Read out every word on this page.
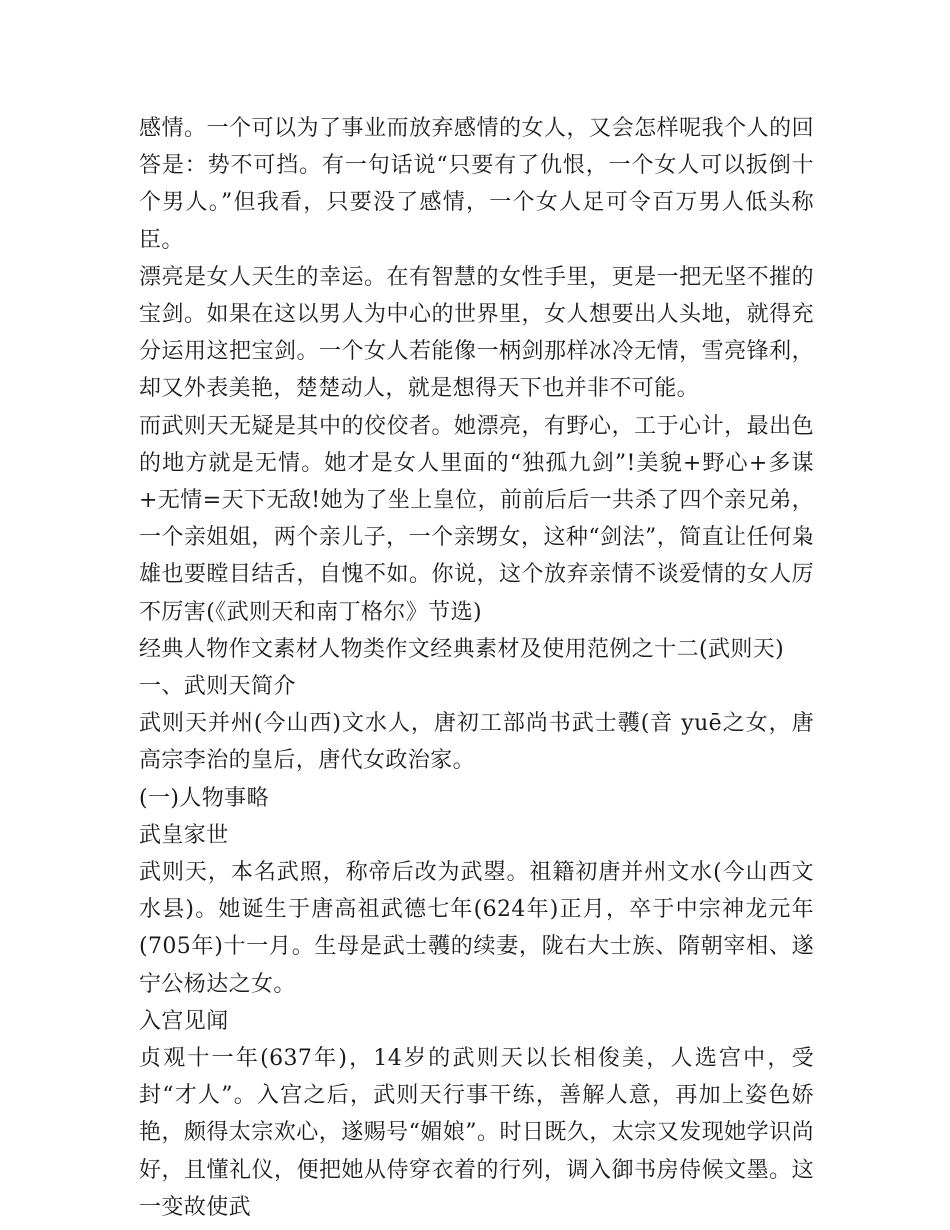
感情。一个可以为了事业而放弃感情的女人，又会怎样呢我个人的回答是：势不可挡。有一句话说“只要有了仇恨，一个女人可以扳倒十个男人。”但我看，只要没了感情，一个女人足可令百万男人低头称臣。

漂亮是女人天生的幸运。在有智慧的女性手里，更是一把无坚不摧的宝剑。如果在这以男人为中心的世界里，女人想要出人头地，就得充分运用这把宝剑。一个女人若能像一柄剑那样冰冷无情，雪亮锋利，却又外表美艳，楚楚动人，就是想得天下也并非不可能。

而武则天无疑是其中的佼佼者。她漂亮，有野心，工于心计，最出色的地方就是无情。她才是女人里面的“独孤九剑”!美貌+野心+多谋+无情=天下无敌!她为了坐上皇位，前前后后一共杀了四个亲兄弟，一个亲姐姐，两个亲儿子，一个亲甥女，这种“剑法”，简直让任何枭雄也要瞠目结舌，自愧不如。你说，这个放弃亲情不谈爱情的女人厉不厉害(《武则天和南丁格尔》节选)

经典人物作文素材人物类作文经典素材及使用范例之十二(武则天)

一、武则天简介

武则天并州(今山西)文水人，唐初工部尚书武士彠(音 yuē之女，唐高宗李治的皇后，唐代女政治家。

(一)人物事略

武皇家世

武则天，本名武照，称帝后改为武曌。祖籍初唐并州文水(今山西文水县)。她诞生于唐高祖武德七年(624年)正月，卒于中宗神龙元年(705年)十一月。生母是武士彠的续妻，陇右大士族、隋朝宰相、遂宁公杨达之女。

入宫见闻

贞观十一年(637年)，14岁的武则天以长相俊美，人选宫中，受封“才人”。入宫之后，武则天行事干练，善解人意，再加上姿色娇艳，颇得太宗欢心，遂赐号“媚娘”。时日既久，太宗又发现她学识尚好，且懂礼仪，便把她从侍穿衣着的行列，调入御书房侍候文墨。这一变故使武
